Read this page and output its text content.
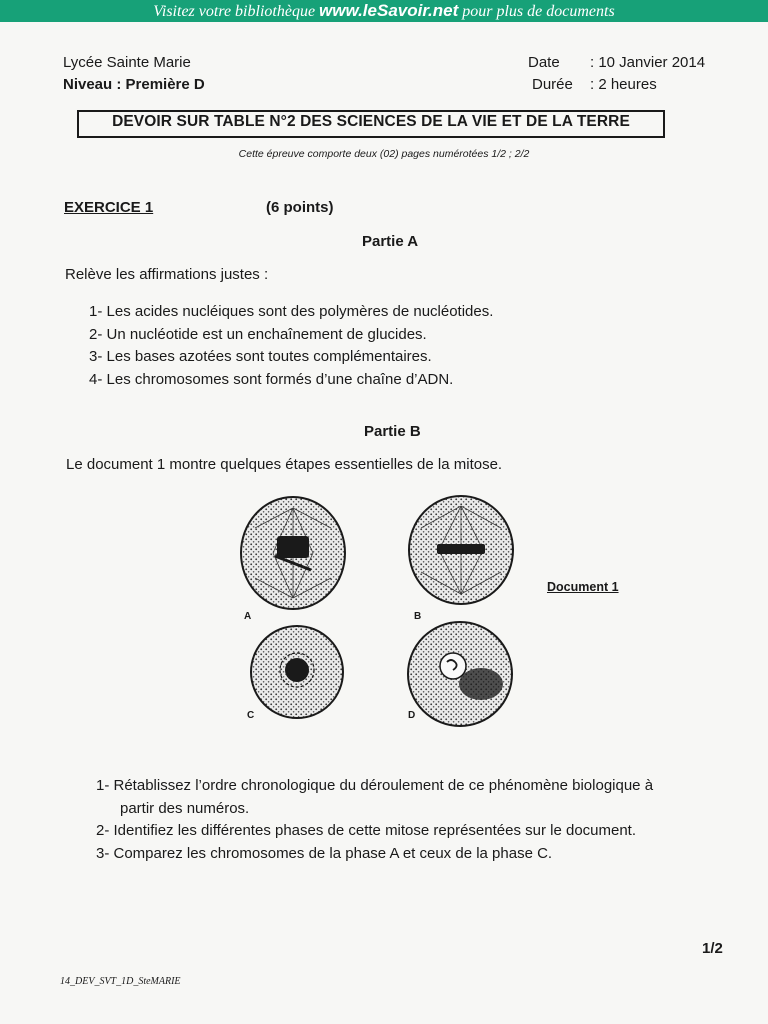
Visitez votre bibliothèque www.leSavoir.net pour plus de documents
Lycée Sainte Marie
Niveau : Première D
Date : 10 Janvier 2014
Durée : 2 heures
DEVOIR SUR TABLE N°2 DES SCIENCES DE LA VIE ET DE LA TERRE
Cette épreuve comporte deux (02) pages numérotées 1/2 ; 2/2
EXERCICE 1	(6 points)
Partie A
Relève les affirmations justes :
1- Les acides nucléiques sont des polymères de nucléotides.
2- Un nucléotide est un enchaînement de glucides.
3- Les bases azotées sont toutes complémentaires.
4- Les chromosomes sont formés d’une chaîne d’ADN.
Partie B
Le document 1 montre quelques étapes essentielles de la mitose.
A	B
C	D
Document 1
1- Rétablissez l’ordre chronologique du déroulement de ce phénomène biologique à
partir des numéros.
2- Identifiez les différentes phases de cette mitose représentées sur le document.
3- Comparez les chromosomes de la phase A et ceux de la phase C.
1/2
14_DEV_SVT_1D_SteMARIE
